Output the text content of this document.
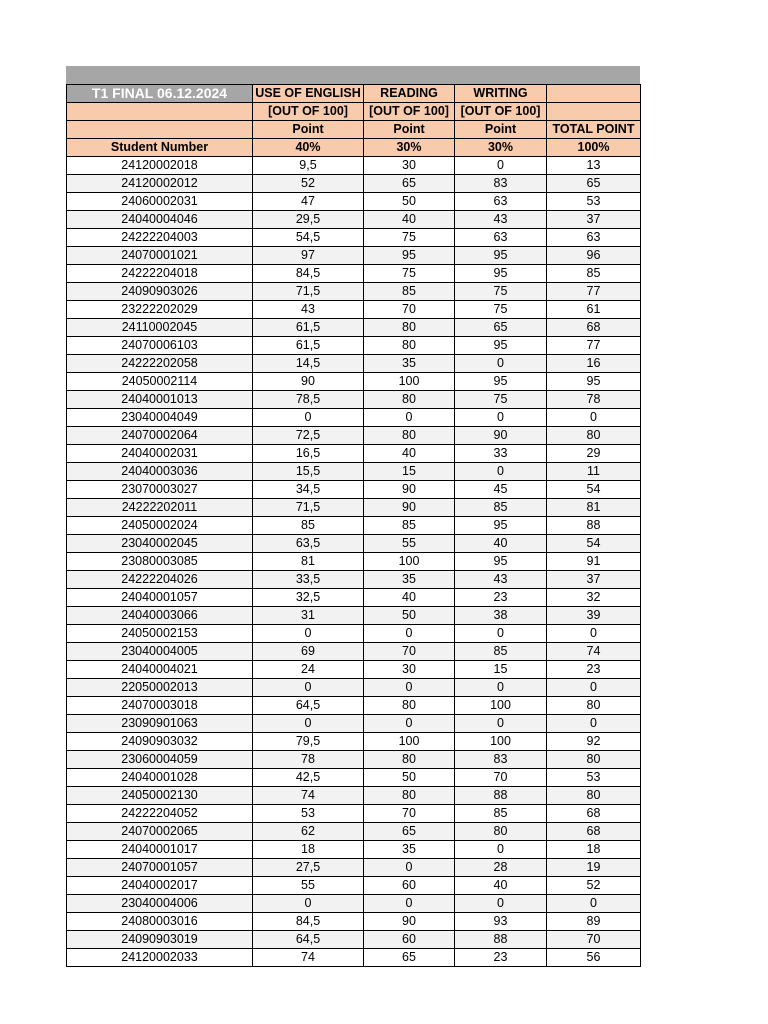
T1 FINAL 06.12.2024	USE OF ENGLISH	READING	WRITING	
	[OUT OF 100]	[OUT OF 100]	[OUT OF 100]	
	Point	Point	Point	TOTAL POINT
Student Number	40%	30%	30%	100%
24120002018	9,5	30	0	13
24120002012	52	65	83	65
24060002031	47	50	63	53
24040004046	29,5	40	43	37
24222204003	54,5	75	63	63
24070001021	97	95	95	96
24222204018	84,5	75	95	85
24090903026	71,5	85	75	77
23222202029	43	70	75	61
24110002045	61,5	80	65	68
24070006103	61,5	80	95	77
24222202058	14,5	35	0	16
24050002114	90	100	95	95
24040001013	78,5	80	75	78
23040004049	0	0	0	0
24070002064	72,5	80	90	80
24040002031	16,5	40	33	29
24040003036	15,5	15	0	11
23070003027	34,5	90	45	54
24222202011	71,5	90	85	81
24050002024	85	85	95	88
23040002045	63,5	55	40	54
23080003085	81	100	95	91
24222204026	33,5	35	43	37
24040001057	32,5	40	23	32
24040003066	31	50	38	39
24050002153	0	0	0	0
23040004005	69	70	85	74
24040004021	24	30	15	23
22050002013	0	0	0	0
24070003018	64,5	80	100	80
23090901063	0	0	0	0
24090903032	79,5	100	100	92
23060004059	78	80	83	80
24040001028	42,5	50	70	53
24050002130	74	80	88	80
24222204052	53	70	85	68
24070002065	62	65	80	68
24040001017	18	35	0	18
24070001057	27,5	0	28	19
24040002017	55	60	40	52
23040004006	0	0	0	0
24080003016	84,5	90	93	89
24090903019	64,5	60	88	70
24120002033	74	65	23	56
